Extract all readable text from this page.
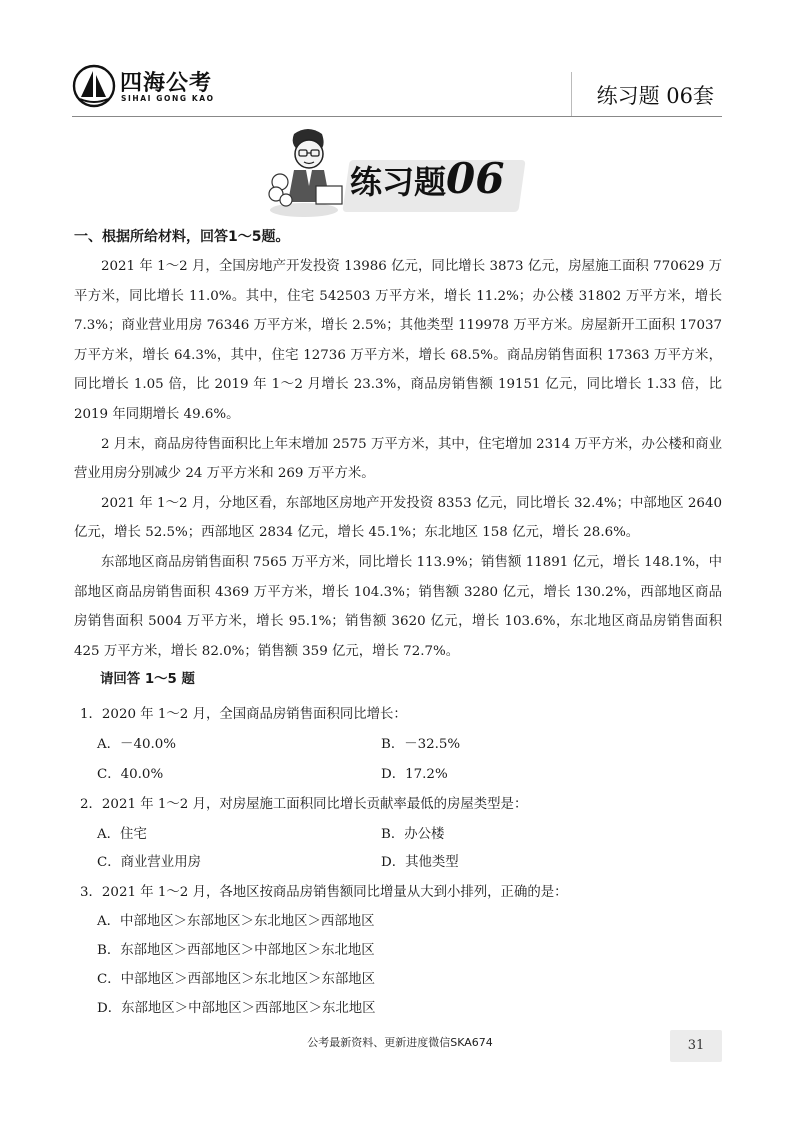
四海公考
SIHAI GONG KAO	练习题 06套
练习题06
一、根据所给材料，回答1～5题。

2021 年 1～2 月，全国房地产开发投资 13986 亿元，同比增长 3873 亿元，房屋施工面积 770629 万平方米，同比增长 11.0%。其中，住宅 542503 万平方米，增长 11.2%；办公楼 31802 万平方米，增长 7.3%；商业营业用房 76346 万平方米，增长 2.5%；其他类型 119978 万平方米。房屋新开工面积 17037 万平方米，增长 64.3%，其中，住宅 12736 万平方米，增长 68.5%。商品房销售面积 17363 万平方米，同比增长 1.05 倍，比 2019 年 1～2 月增长 23.3%，商品房销售额 19151 亿元，同比增长 1.33 倍，比 2019 年同期增长 49.6%。

2 月末，商品房待售面积比上年末增加 2575 万平方米，其中，住宅增加 2314 万平方米，办公楼和商业营业用房分别减少 24 万平方米和 269 万平方米。

2021 年 1～2 月，分地区看，东部地区房地产开发投资 8353 亿元，同比增长 32.4%；中部地区 2640 亿元，增长 52.5%；西部地区 2834 亿元，增长 45.1%；东北地区 158 亿元，增长 28.6%。

东部地区商品房销售面积 7565 万平方米，同比增长 113.9%；销售额 11891 亿元，增长 148.1%，中部地区商品房销售面积 4369 万平方米，增长 104.3%；销售额 3280 亿元，增长 130.2%，西部地区商品房销售面积 5004 万平方米，增长 95.1%；销售额 3620 亿元，增长 103.6%，东北地区商品房销售面积 425 万平方米，增长 82.0%；销售额 359 亿元，增长 72.7%。

请回答 1～5 题
1．2020 年 1～2 月，全国商品房销售面积同比增长：
A．－40.0%	B．－32.5%
C．40.0%	D．17.2%
2．2021 年 1～2 月，对房屋施工面积同比增长贡献率最低的房屋类型是：
A．住宅	B．办公楼
C．商业营业用房	D．其他类型
3．2021 年 1～2 月，各地区按商品房销售额同比增量从大到小排列，正确的是：
A．中部地区＞东部地区＞东北地区＞西部地区
B．东部地区＞西部地区＞中部地区＞东北地区
C．中部地区＞西部地区＞东北地区＞东部地区
D．东部地区＞中部地区＞西部地区＞东北地区
公考最新资料、更新进度微信SKA674	31
